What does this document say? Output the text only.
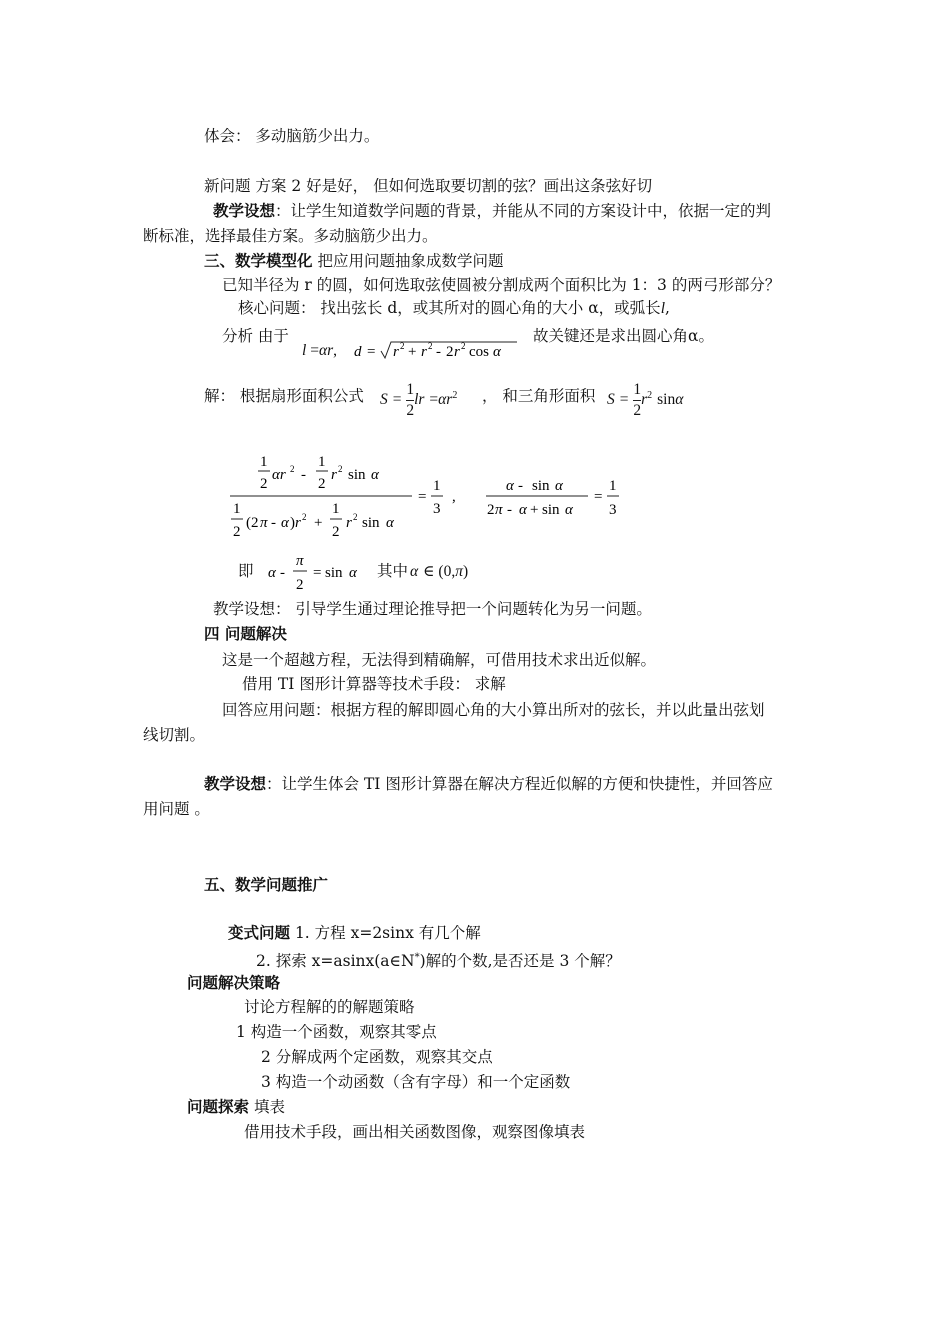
体会： 多动脑筋少出力。
新问题 方案 2 好是好， 但如何选取要切割的弦？画出这条弦好切
教学设想：让学生知道数学问题的背景，并能从不同的方案设计中，依据一定的判
断标准，选择最佳方案。多动脑筋少出力。
三、数学模型化 把应用问题抽象成数学问题
已知半径为 r 的圆，如何选取弦使圆被分割成两个面积比为 1：3 的两弓形部分？
核心问题： 找出弦长 d，或其所对的圆心角的大小 α，或弧长l,
分析 由于
l =αr, d = r 2 + r 2 - 2 r 2 cos α
故关键还是求出圆心角α。
解： 根据扇形面积公式 $S = \frac{1}{2}$ lr $=\alpha r^2$ ， 和三角形面积 $S = \frac{1}{2} r^2$ sinα
1
2
αr 2 -
1
2
r 2 sin α
1
2
(2 π - α ) r 2 +
1
2
r 2 sin α
=
1
3
,
α - sin α
2 π - α + sin α
=
1
3
即 α -
π
2
= sin α 其中 α ∈ (0,π)
教学设想： 引导学生通过理论推导把一个问题转化为另一问题。
四 问题解决
这是一个超越方程，无法得到精确解，可借用技术求出近似解。
借用 TI 图形计算器等技术手段： 求解
回答应用问题：根据方程的解即圆心角的大小算出所对的弦长，并以此量出弦划
线切割。
教学设想：让学生体会 TI 图形计算器在解决方程近似解的方便和快捷性，并回答应
用问题 。
五、数学问题推广
变式问题 1. 方程 x=2sinx 有几个解
2. 探索 x=asinx(a∈N*)解的个数,是否还是 3 个解？
问题解决策略
讨论方程解的的解题策略
1 构造一个函数，观察其零点
2 分解成两个定函数，观察其交点
3 构造一个动函数（含有字母）和一个定函数
问题探索 填表
借用技术手段，画出相关函数图像，观察图像填表
